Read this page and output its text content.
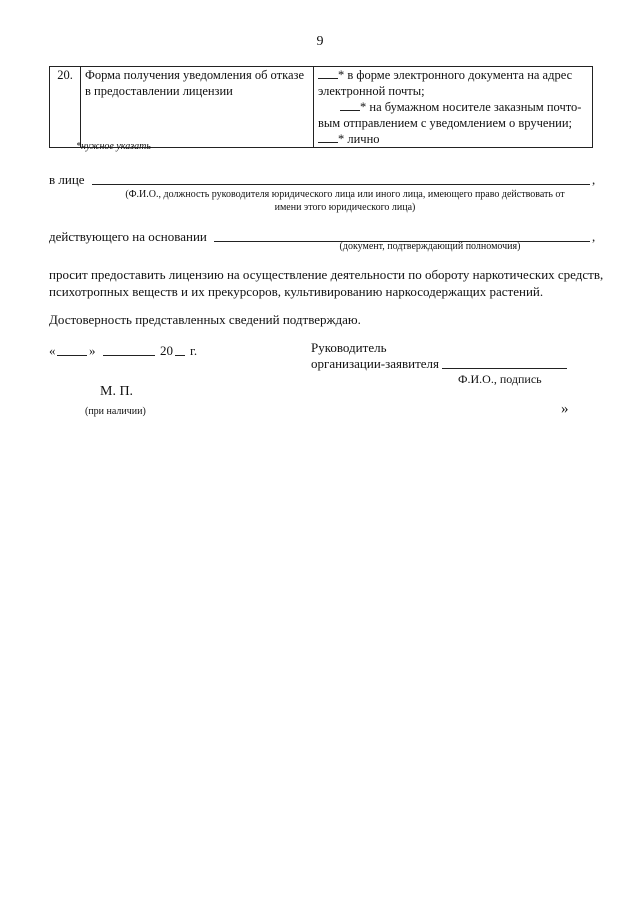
9
20.	Форма получения уведомления об отказе в предоставлении лицензии	
* в форме электронного документа на адрес
электронной почты;
* на бумажном носителе заказным почто-
вым отправлением с уведомлением о вручении;
* лично
*нужное указать
в лице	,
(Ф.И.О., должность руководителя юридического лица или иного лица, имеющего право действовать от
имени этого юридического лица)
действующего на основании	,
(документ, подтверждающий полномочия)
просит предоставить лицензию на осуществление деятельности по обороту наркотических средств,
психотропных веществ и их прекурсоров, культивированию наркосодержащих растений.
Достоверность представленных сведений подтверждаю.
«	»	20 г.	Руководитель
организации-заявителя
Ф.И.О., подпись
М. П.
(при наличии)	»
